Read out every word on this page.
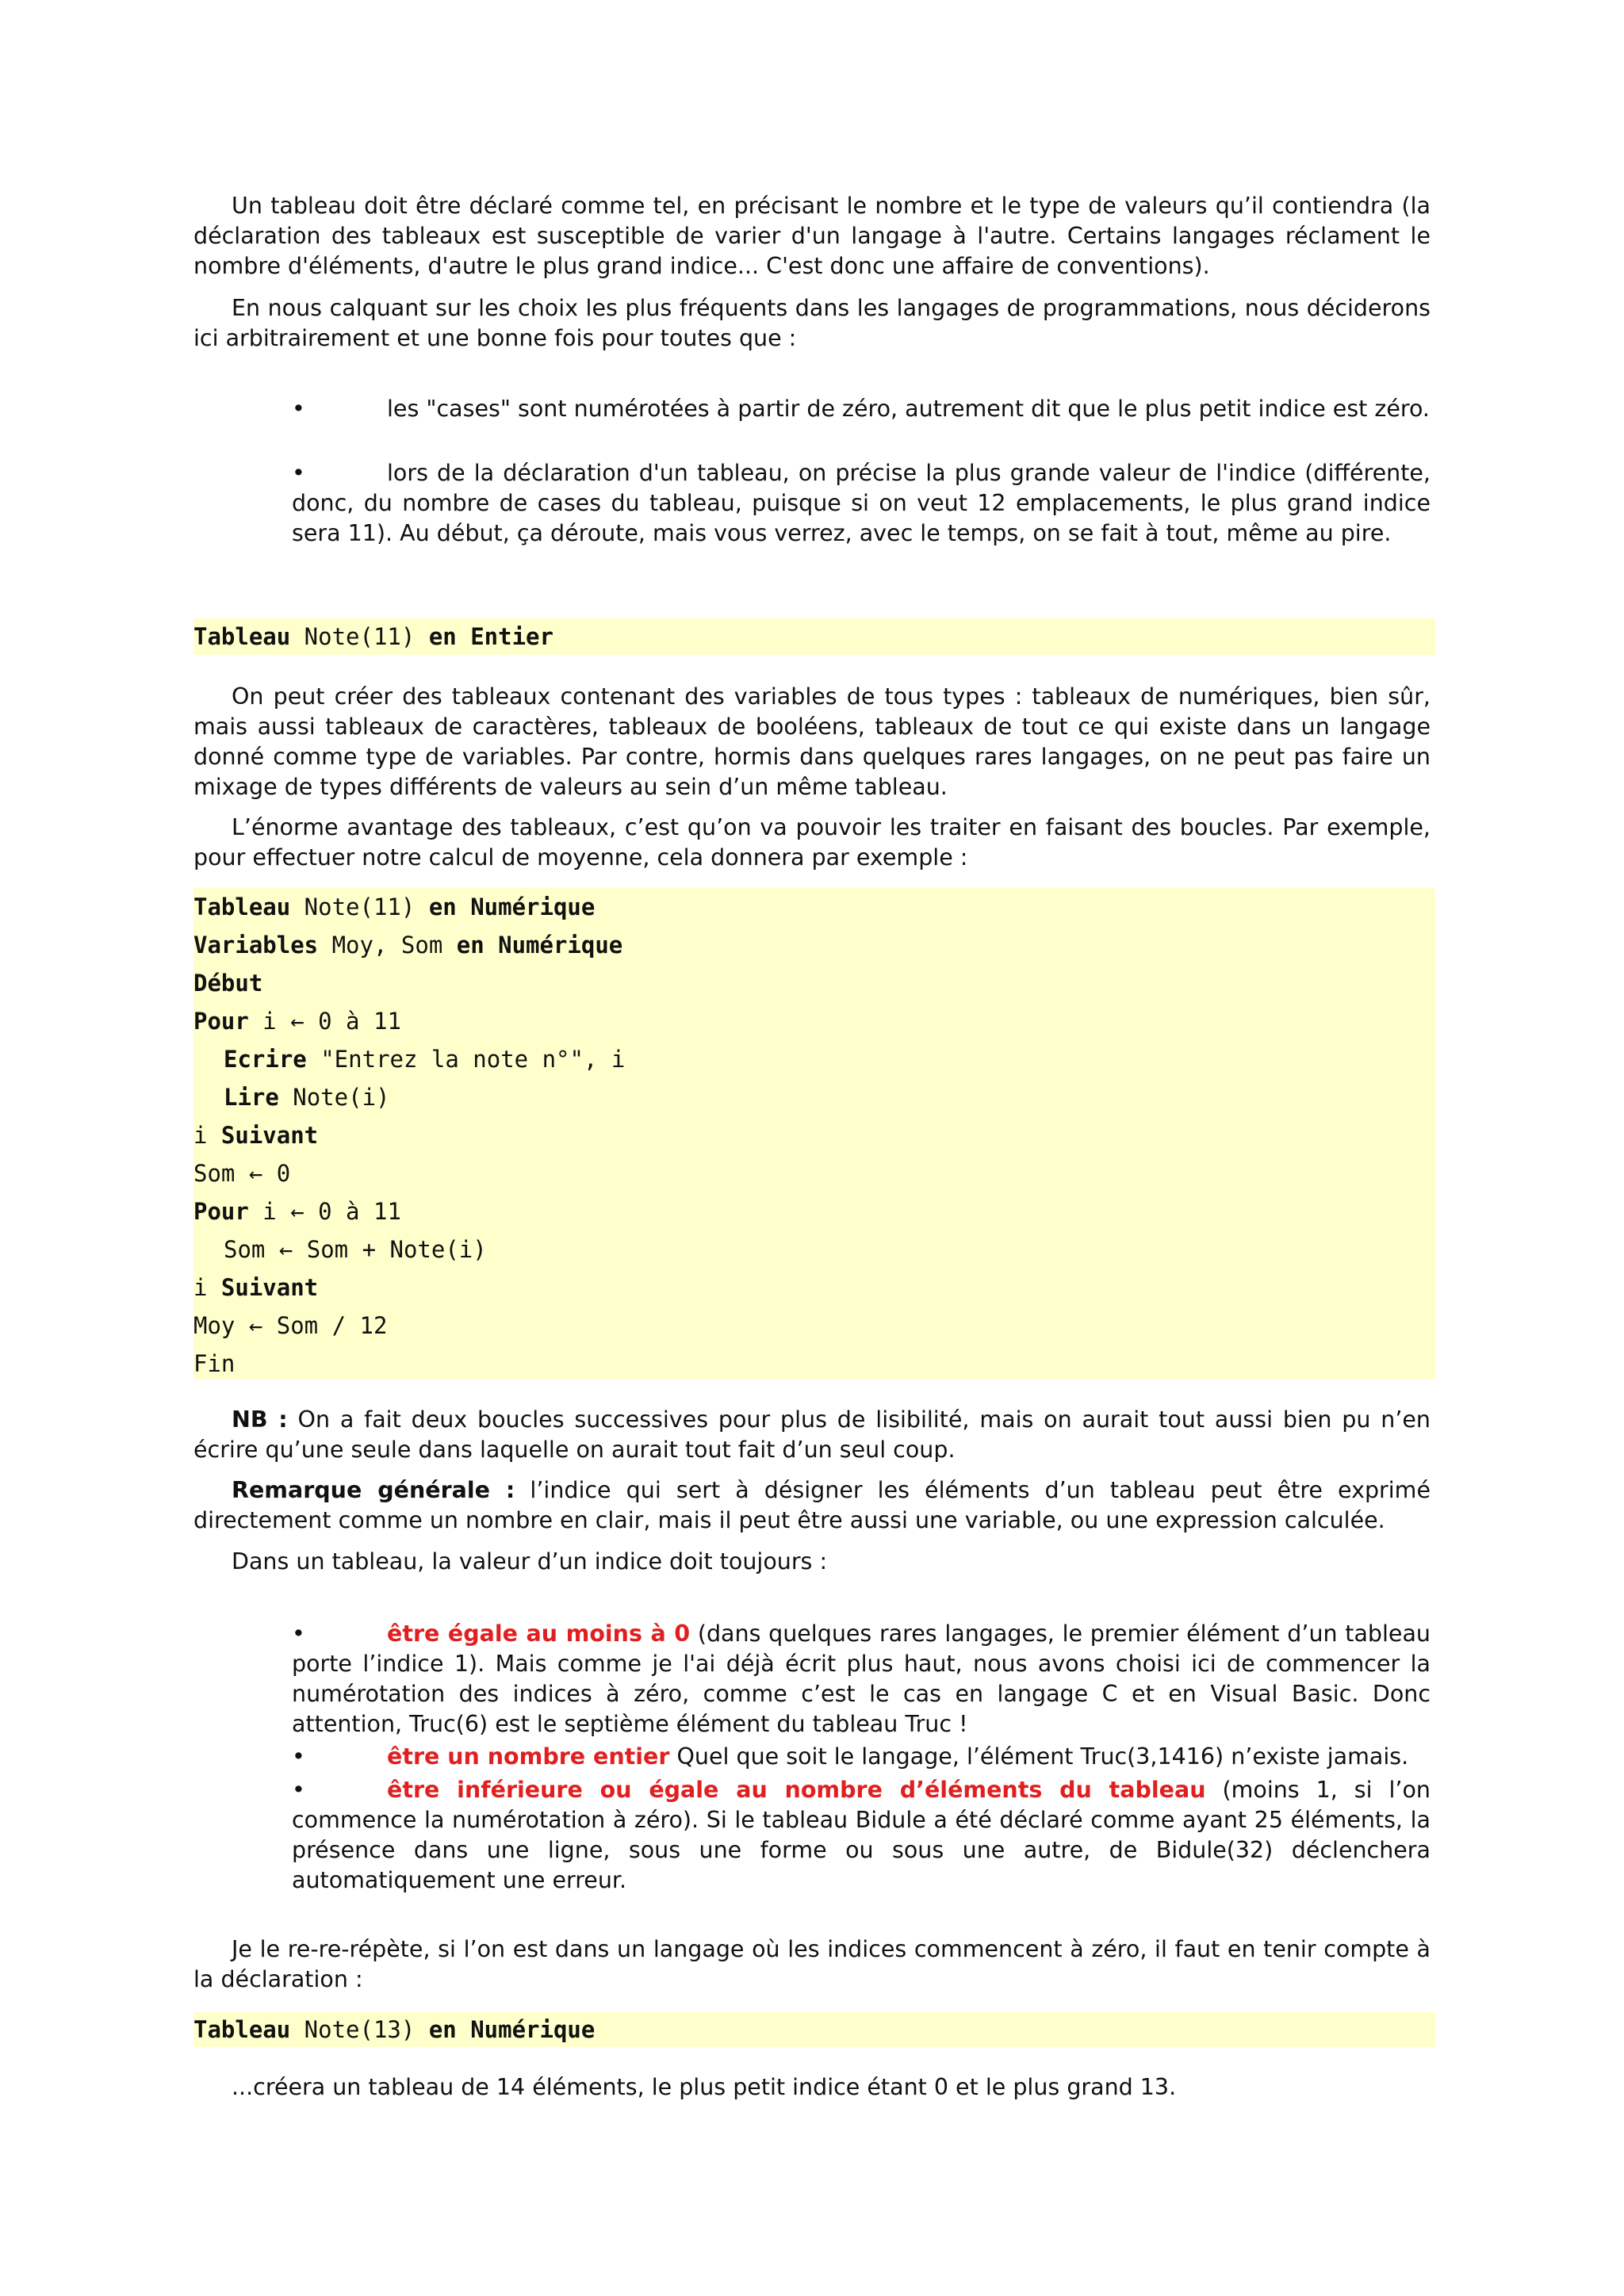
Un tableau doit être déclaré comme tel, en précisant le nombre et le type de valeurs qu’il contiendra (la déclaration des tableaux est susceptible de varier d'un langage à l'autre. Certains langages réclament le nombre d'éléments, d'autre le plus grand indice... C'est donc une affaire de conventions).

En nous calquant sur les choix les plus fréquents dans les langages de programmations, nous déciderons ici arbitrairement et une bonne fois pour toutes que :

•	les "cases" sont numérotées à partir de zéro, autrement dit que le plus petit indice est zéro.

•	lors de la déclaration d'un tableau, on précise la plus grande valeur de l'indice (différente, donc, du nombre de cases du tableau, puisque si on veut 12 emplacements, le plus grand indice sera 11). Au début, ça déroute, mais vous verrez, avec le temps, on se fait à tout, même au pire.

Tableau Note(11) en Entier

On peut créer des tableaux contenant des variables de tous types : tableaux de numériques, bien sûr, mais aussi tableaux de caractères, tableaux de booléens, tableaux de tout ce qui existe dans un langage donné comme type de variables. Par contre, hormis dans quelques rares langages, on ne peut pas faire un mixage de types différents de valeurs au sein d’un même tableau.

L’énorme avantage des tableaux, c’est qu’on va pouvoir les traiter en faisant des boucles. Par exemple, pour effectuer notre calcul de moyenne, cela donnera par exemple :

Tableau Note(11) en Numérique
Variables Moy, Som en Numérique
Début
Pour i ← 0 à 11
Ecrire "Entrez la note n°", i
Lire Note(i)
i Suivant
Som ← 0
Pour i ← 0 à 11
Som ← Som + Note(i)
i Suivant
Moy ← Som / 12
Fin

NB : On a fait deux boucles successives pour plus de lisibilité, mais on aurait tout aussi bien pu n’en écrire qu’une seule dans laquelle on aurait tout fait d’un seul coup.

Remarque générale : l’indice qui sert à désigner les éléments d’un tableau peut être exprimé directement comme un nombre en clair, mais il peut être aussi une variable, ou une expression calculée.

Dans un tableau, la valeur d’un indice doit toujours :

•	être égale au moins à 0 (dans quelques rares langages, le premier élément d’un tableau porte l’indice 1). Mais comme je l'ai déjà écrit plus haut, nous avons choisi ici de commencer la numérotation des indices à zéro, comme c’est le cas en langage C et en Visual Basic. Donc attention, Truc(6) est le septième élément du tableau Truc !

•	être un nombre entier Quel que soit le langage, l’élément Truc(3,1416) n’existe jamais.

•	être inférieure ou égale au nombre d’éléments du tableau (moins 1, si l’on commence la numérotation à zéro). Si le tableau Bidule a été déclaré comme ayant 25 éléments, la présence dans une ligne, sous une forme ou sous une autre, de Bidule(32) déclenchera automatiquement une erreur.

Je le re-re-répète, si l’on est dans un langage où les indices commencent à zéro, il faut en tenir compte à la déclaration :

Tableau Note(13) en Numérique

...créera un tableau de 14 éléments, le plus petit indice étant 0 et le plus grand 13.
